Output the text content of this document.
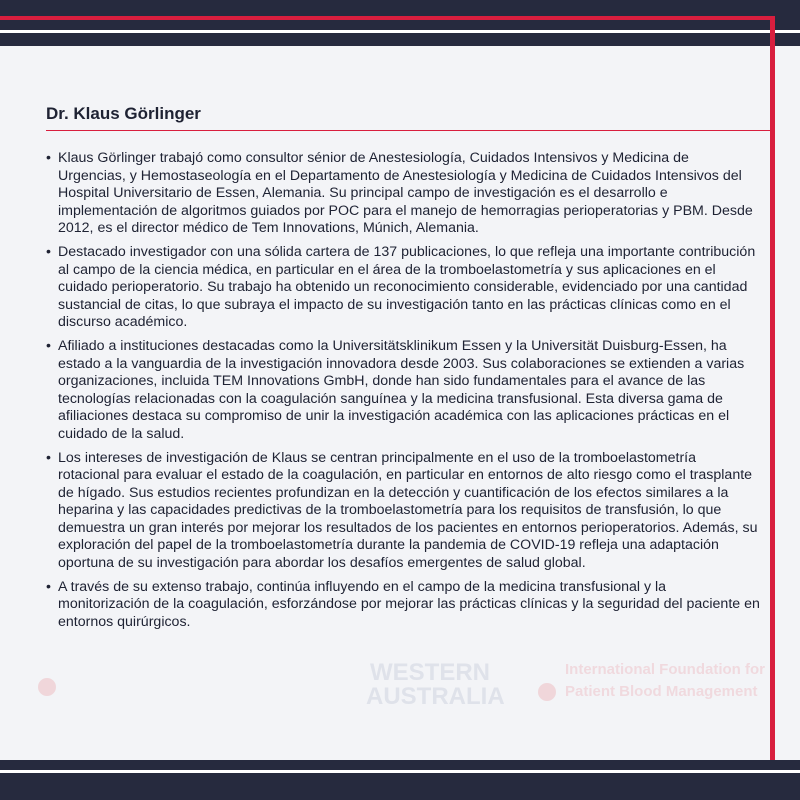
WESTERN
AUSTRALIA
International Foundation for
Patient Blood Management
Dr. Klaus Görlinger
• Klaus Görlinger trabajó como consultor sénior de Anestesiología, Cuidados Intensivos y Medicina de Urgencias, y Hemostaseología en el Departamento de Anestesiología y Medicina de Cuidados Intensivos del Hospital Universitario de Essen, Alemania. Su principal campo de investigación es el desarrollo e implementación de algoritmos guiados por POC para el manejo de hemorragias perioperatorias y PBM. Desde 2012, es el director médico de Tem Innovations, Múnich, Alemania.
• Destacado investigador con una sólida cartera de 137 publicaciones, lo que refleja una importante contribución al campo de la ciencia médica, en particular en el área de la tromboelastometría y sus aplicaciones en el cuidado perioperatorio. Su trabajo ha obtenido un reconocimiento considerable, evidenciado por una cantidad sustancial de citas, lo que subraya el impacto de su investigación tanto en las prácticas clínicas como en el discurso académico.
• Afiliado a instituciones destacadas como la Universitätsklinikum Essen y la Universität Duisburg-Essen, ha estado a la vanguardia de la investigación innovadora desde 2003. Sus colaboraciones se extienden a varias organizaciones, incluida TEM Innovations GmbH, donde han sido fundamentales para el avance de las tecnologías relacionadas con la coagulación sanguínea y la medicina transfusional. Esta diversa gama de afiliaciones destaca su compromiso de unir la investigación académica con las aplicaciones prácticas en el cuidado de la salud.
• Los intereses de investigación de Klaus se centran principalmente en el uso de la tromboelastometría rotacional para evaluar el estado de la coagulación, en particular en entornos de alto riesgo como el trasplante de hígado. Sus estudios recientes profundizan en la detección y cuantificación de los efectos similares a la heparina y las capacidades predictivas de la tromboelastometría para los requisitos de transfusión, lo que demuestra un gran interés por mejorar los resultados de los pacientes en entornos perioperatorios. Además, su exploración del papel de la tromboelastometría durante la pandemia de COVID-19 refleja una adaptación oportuna de su investigación para abordar los desafíos emergentes de salud global.
• A través de su extenso trabajo, continúa influyendo en el campo de la medicina transfusional y la monitorización de la coagulación, esforzándose por mejorar las prácticas clínicas y la seguridad del paciente en entornos quirúrgicos.
